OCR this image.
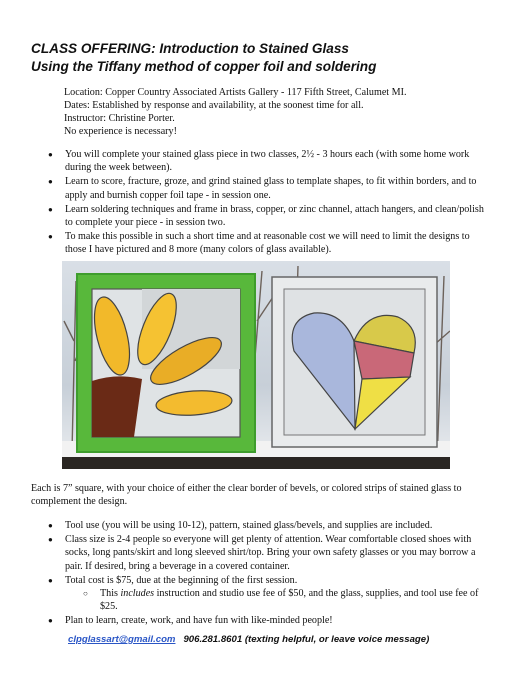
CLASS OFFERING: Introduction to Stained Glass
Using the Tiffany method of copper foil and soldering
Location: Copper Country Associated Artists Gallery - 117 Fifth Street, Calumet MI.
Dates: Established by response and availability, at the soonest time for all.
Instructor: Christine Porter.
No experience is necessary!
● You will complete your stained glass piece in two classes, 2½ - 3 hours each (with some home work during the week between).
● Learn to score, fracture, groze, and grind stained glass to template shapes, to fit within borders, and to apply and burnish copper foil tape - in session one.
● Learn soldering techniques and frame in brass, copper, or zinc channel, attach hangers, and clean/polish to complete your piece - in session two.
● To make this possible in such a short time and at reasonable cost we will need to limit the designs to those I have pictured and 8 more (many colors of glass available).
Each is 7” square, with your choice of either the clear border of bevels, or colored strips of stained glass to complement the design.
● Tool use (you will be using 10-12), pattern, stained glass/bevels, and supplies are included.
● Class size is 2-4 people so everyone will get plenty of attention. Wear comfortable closed shoes with socks, long pants/skirt and long sleeved shirt/top. Bring your own safety glasses or you may borrow a pair. If desired, bring a beverage in a covered container.
● Total cost is $75, due at the beginning of the first session.
○ This includes instruction and studio use fee of $50, and the glass, supplies, and tool use fee of $25.
● Plan to learn, create, work, and have fun with like-minded people!
clpglassart@gmail.com 906.281.8601 (texting helpful, or leave voice message)
